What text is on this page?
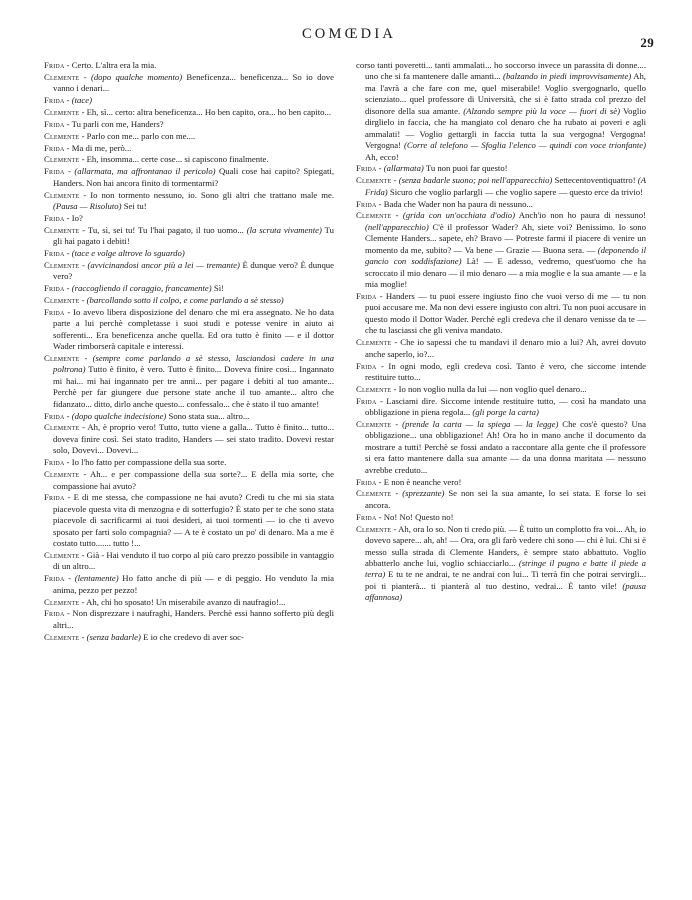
COMŒDIA
29

Frida - Certo. L'altra era la mia.

Clemente - (dopo qualche momento) Beneficenza... beneficenza... So io dove vanno i denari...

Frida - (tace)

Clemente - Eh, sì... certo: altra beneficenza... Ho ben capito, ora... ho ben capito...

Frida - Tu parli con me, Handers?

Clemente - Parlo con me... parlo con me....

Frida - Ma di me, però...

Clemente - Eh, insomma... certe cose... si capiscono finalmente.

Frida - (allarmata, ma affrontanao il pericolo) Quali cose hai capito? Spiegati, Handers. Non hai ancora finito di tormentarmi?

Clemente - Io non tormento nessuno, io. Sono gli altri che trattano male me. (Pausa — Risoluto) Sei tu!

Frida - Io?

Clemente - Tu, sì, sei tu! Tu l'hai pagato, il tuo uomo... (la scruta vivamente) Tu gli hai pagato i debiti!

Frida - (tace e volge altrove lo sguardo)

Clemente - (avvicinandosi ancor più a lei — tremante) È dunque vero? È dunque vero?

Frida - (raccogliendo il coraggio, francamente) Sì!

Clemente - (barcollando sotto il colpo, e come parlando a sè stesso)

Frida - Io avevo libera disposizione del denaro che mi era assegnato. Ne ho data parte a lui perchè completasse i suoi studi e potesse venire in aiuto ai sofferenti... Era beneficenza anche quella. Ed ora tutto è finito — e il dottor Wader rimborserà capitale e interessi.

Clemente - (sempre come parlando a sè stesso, lasciandosi cadere in una poltrona) Tutto è finito, è vero. Tutto è finito... Doveva finire così... Ingannato mi hai... mi hai ingannato per tre anni... per pagare i debiti al tuo amante... Perchè per far giungere due persone state anche il tuo amante... altro che fidanzato... ditto, dirlo anche questo... confessalo... che è stato il tuo amante!

Frida - (dopo qualche indecisione) Sono stata sua... altro...

Clemente - Ah, è proprio vero! Tutto, tutto viene a galla... Tutto è finito... tutto... doveva finire così. Sei stato tradito, Handers — sei stato tradito. Dovevi restar solo, Dovevi... Dovevi...

Frida - Io l'ho fatto per compassione della sua sorte.

Clemente - Ah... e per compassione della sua sorte?... E della mia sorte, che compassione hai avuto?

Frida - E di me stessa, che compassione ne hai avuto? Credi tu che mi sia stata piacevole questa vita di menzogna e di sotterfugio? È stato per te che sono stata piacevole di sacrificarmi ai tuoi desideri, ai tuoi tormenti — io che ti avevo sposato per farti solo compagnia? — A te è costato un po' di denaro. Ma a me è costato tutto....... tutto !...

Clemente - Già - Hai venduto il tuo corpo al più caro prezzo possibile in vantaggio di un altro...

Frida - (lentamente) Ho fatto anche di più — e di peggio. Ho venduto la mia anima, pezzo per pezzo!

Clemente - Ah, chi ho sposato! Un miserabile avanzo di naufragio!...

Frida - Non disprezzare i naufraghi, Handers. Perchè essi hanno sofferto più degli altri...

Clemente - (senza badarle) E io che credevo di aver soc-

corso tanti poveretti... tanti ammalati... ho soccorso invece un parassita di donne.... uno che si fa mantenere dalle amanti... (balzando in piedi improvvisamente) Ah, ma l'avrà a che fare con me, quel miserabile! Voglio svergognarlo, quello scienziato... quel professore di Università, che si è fatto strada col prezzo del disonore della sua amante. (Alzando sempre più la voce — fuori di sè) Voglio dirglielo in faccia, che ha mangiato col denaro che ha rubato ai poveri e agli ammalati! — Voglio gettargli in faccia tutta la sua vergogna! Vergogna! Vergogna! (Corre al telefono — Sfoglia l'elenco — quindi con voce trionfante) Ah, ecco!

Frida - (allarmata) Tu non puoi far questo!

Clemente - (senza badarle suono; poi nell'apparecchio) Settecentoventiquattro! (A Frida) Sicuro che voglio parlargli — che voglio sapere — questo erce da trivio!

Frida - Bada che Wader non ha paura di nessuno...

Clemente - (grida con un'occhiata d'odio) Anch'io non ho paura di nessuno! (nell'apparecchio) C'è il professor Wader? Ah, siete voi? Benissimo. Io sono Clemente Handers... sapete, eh? Bravo — Potreste farmi il piacere di venire un momento da me, subito? — Va bene — Grazie — Buona sera. — (deponendo il gancio con soddisfazione) Là! — E adesso, vedremo, quest'uomo che ha scroccato il mio denaro — il mio denaro — a mia moglie e la sua amante — e la mia moglie!

Frida - Handers — tu puoi essere ingiusto fino che vuoi verso di me — tu non puoi accusare me. Ma non devi essere ingiusto con altri. Tu non puoi accusare in questo modo il Dottor Wader. Perchè egli credeva che il denaro venisse da te — che tu lasciassi che gli veniva mandato.

Clemente - Che io sapessi che tu mandavi il denaro mio a lui? Ah, avrei dovuto anche saperlo, io?...

Frida - In ogni modo, egli credeva così. Tanto è vero, che siccome intende restituire tutto...

Clemente - Io non voglio nulla da lui — non voglio quel denaro...

Frida - Lasciami dire. Siccome intende restituire tutto, — così ha mandato una obbligazione in piena regola... (gli porge la carta)

Clemente - (prende la carta — la spiega — la legge) Che cos'è questo? Una obbligazione... una obbligazione! Ah! Ora ho in mano anche il documento da mostrare a tutti! Perchè se fossi andato a raccontare alla gente che il professore si era fatto mantenere dalla sua amante — da una donna maritata — nessuno avrebbe creduto...

Frida - E non è neanche vero!

Clemente - (sprezzante) Se non sei la sua amante, lo sei stata. E forse lo sei ancora.

Frida - No! No! Questo no!

Clemente - Ah, ora lo so. Non ti credo più. — È tutto un complotto fra voi... Ah, io dovevo sapere... ah, ah! — Ora, ora gli farò vedere chi sono — chi è lui. Chi si è messo sulla strada di Clemente Handers, è sempre stato abbattuto. Voglio abbatterlo anche lui, voglio schiacciarlo... (stringe il pugno e batte il piede a terra) E tu te ne andrai, te ne andrai con lui... Ti terrà fin che potrai servirgli... poi ti pianterà... ti pianterà al tuo destino, vedrai... È tanto vile! (pausa affannosa)
